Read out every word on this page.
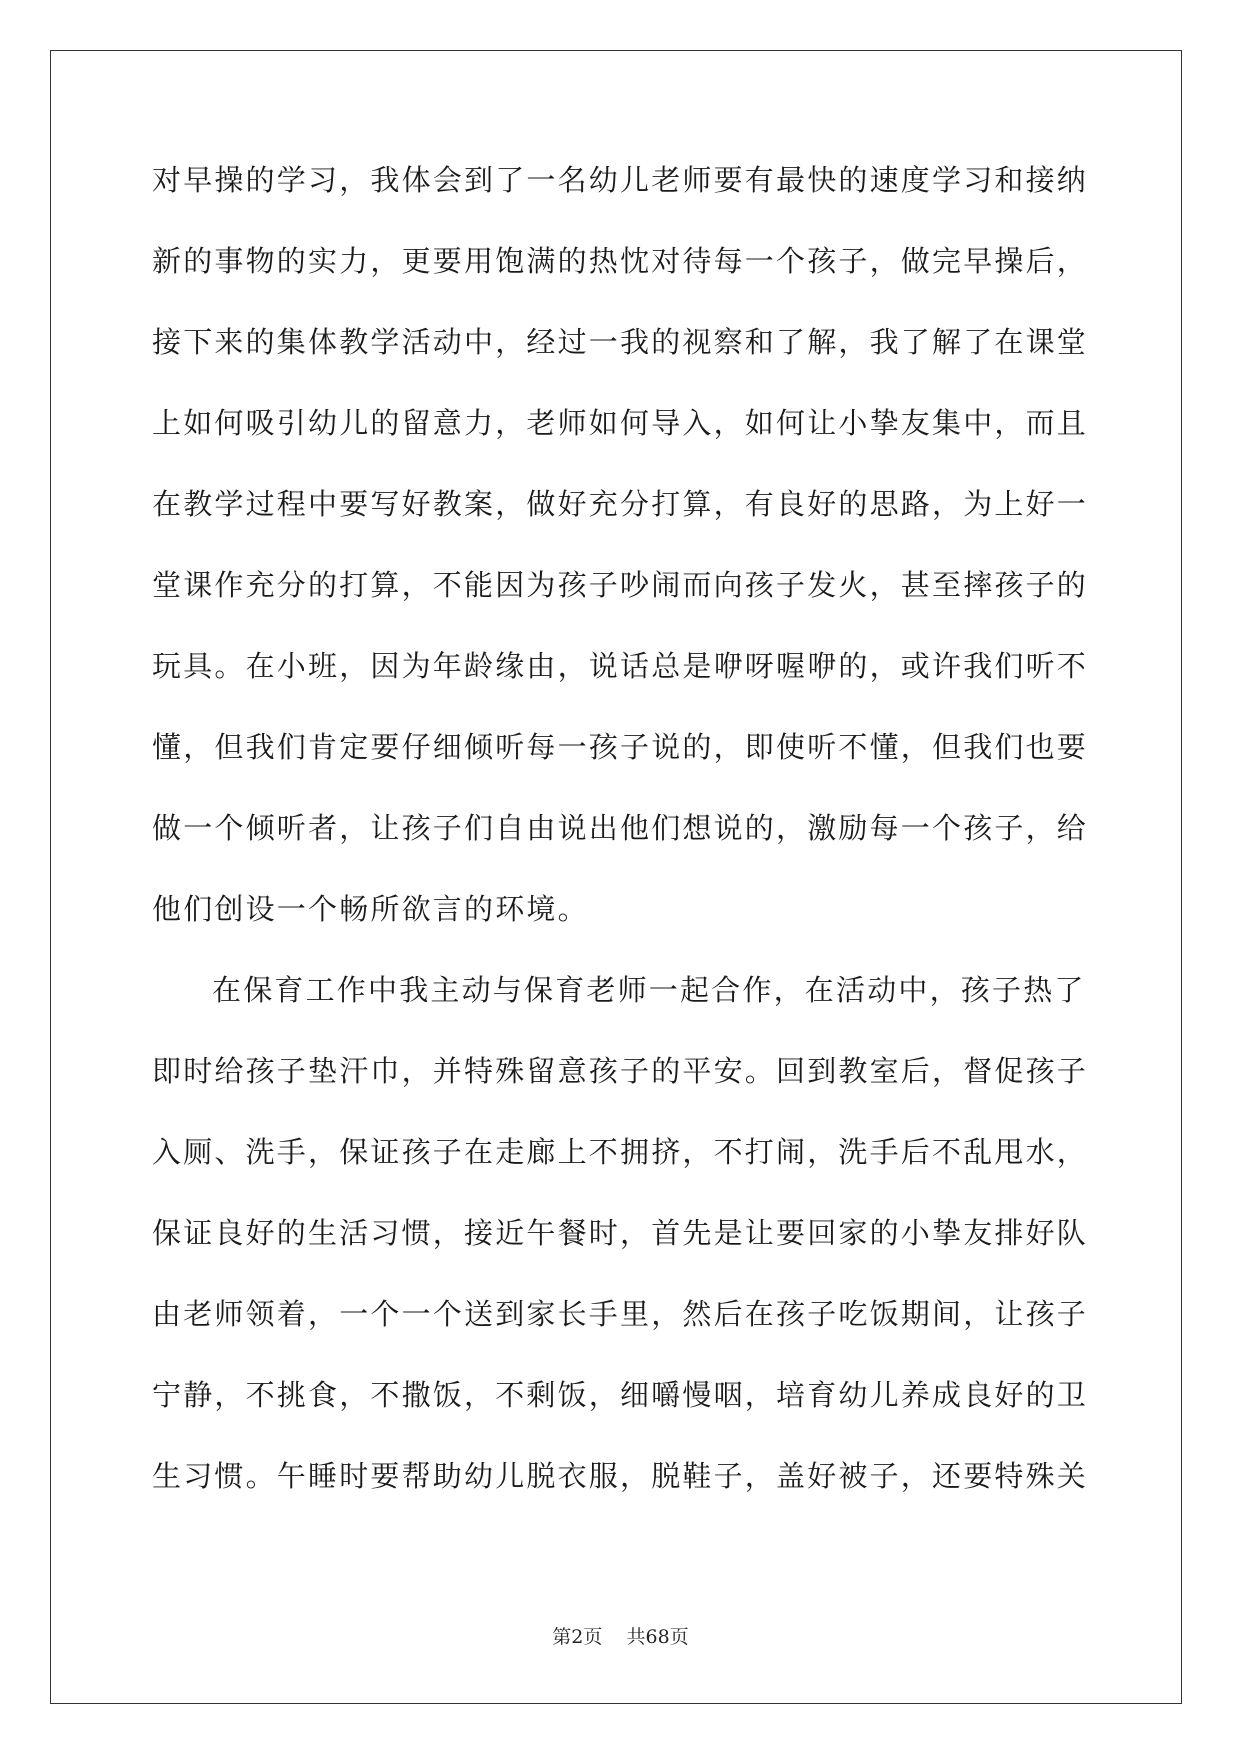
对早操的学习，我体会到了一名幼儿老师要有最快的速度学习和接纳
新的事物的实力，更要用饱满的热忱对待每一个孩子，做完早操后，
接下来的集体教学活动中，经过一我的视察和了解，我了解了在课堂
上如何吸引幼儿的留意力，老师如何导入，如何让小挚友集中，而且
在教学过程中要写好教案，做好充分打算，有良好的思路，为上好一
堂课作充分的打算，不能因为孩子吵闹而向孩子发火，甚至摔孩子的
玩具。在小班，因为年龄缘由，说话总是咿呀喔咿的，或许我们听不
懂，但我们肯定要仔细倾听每一孩子说的，即使听不懂，但我们也要
做一个倾听者，让孩子们自由说出他们想说的，激励每一个孩子，给
他们创设一个畅所欲言的环境。
在保育工作中我主动与保育老师一起合作，在活动中，孩子热了
即时给孩子垫汗巾，并特殊留意孩子的平安。回到教室后，督促孩子
入厕、洗手，保证孩子在走廊上不拥挤，不打闹，洗手后不乱甩水，
保证良好的生活习惯，接近午餐时，首先是让要回家的小挚友排好队
由老师领着，一个一个送到家长手里，然后在孩子吃饭期间，让孩子
宁静，不挑食，不撒饭，不剩饭，细嚼慢咽，培育幼儿养成良好的卫
生习惯。午睡时要帮助幼儿脱衣服，脱鞋子，盖好被子，还要特殊关
第2页 共68页
